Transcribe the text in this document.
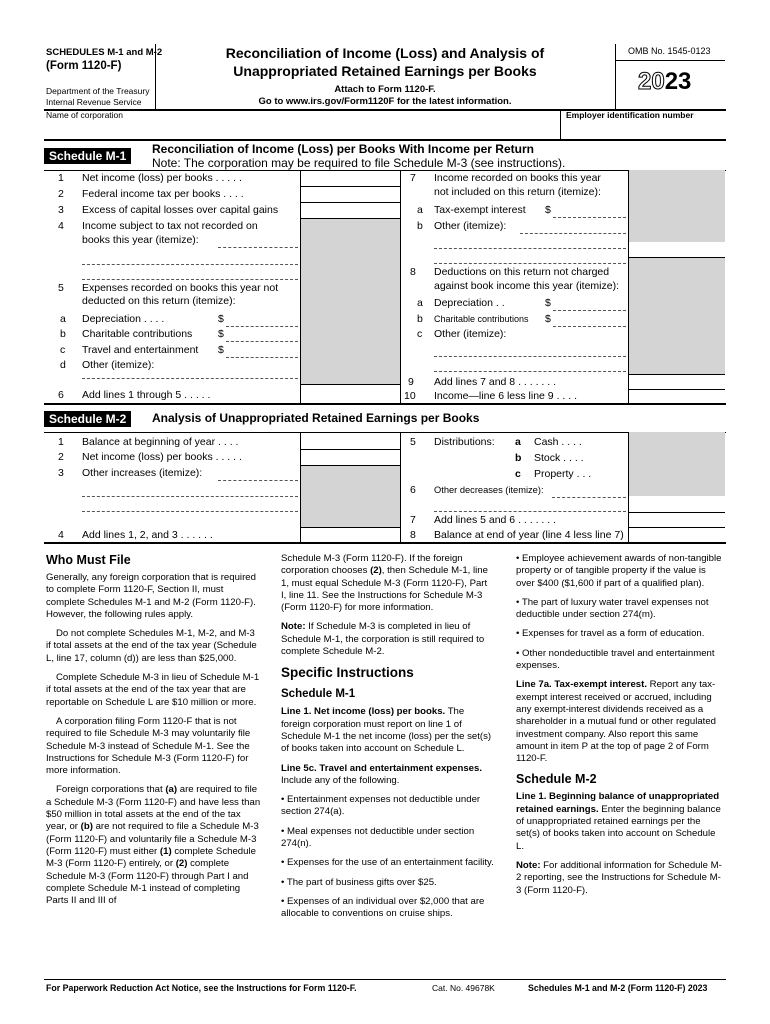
SCHEDULES M-1 and M-2
(Form 1120-F)
Department of the Treasury
Internal Revenue Service
Reconciliation of Income (Loss) and Analysis of
Unappropriated Retained Earnings per Books
Attach to Form 1120-F.
Go to www.irs.gov/Form1120F for the latest information.
OMB No. 1545-0123
2023
Name of corporation	Employer identification number
Schedule M-1	Reconciliation of Income (Loss) per Books With Income per Return
Note: The corporation may be required to file Schedule M-3 (see instructions).
1 Net income (loss) per books . . . . .
2 Federal income tax per books . . . .
3 Excess of capital losses over capital gains
4 Income subject to tax not recorded on
books this year (itemize):
5 Expenses recorded on books this year not
deducted on this return (itemize):
a Depreciation . . . .	$
b Charitable contributions $
c Travel and entertainment $
d Other (itemize):
6 Add lines 1 through 5 . . . . .
7 Income recorded on books this year
not included on this return (itemize):
a Tax-exempt interest $
b Other (itemize):
8 Deductions on this return not charged
against book income this year (itemize):
a Depreciation . .	$
b Charitable contributions $
c Other (itemize):
9 Add lines 7 and 8 . . . . . . .
10 Income—line 6 less line 9 . . . .
Schedule M-2	Analysis of Unappropriated Retained Earnings per Books
1 Balance at beginning of year . . . .
2 Net income (loss) per books . . . . .
3 Other increases (itemize):
4 Add lines 1, 2, and 3 . . . . . .
5 Distributions: a Cash . . . .
b Stock . . . .
c Property . . .
6 Other decreases (itemize):
7 Add lines 5 and 6 . . . . . . .
8 Balance at end of year (line 4 less line 7)
Who Must File

Generally, any foreign corporation that is required to complete Form 1120-F, Section II, must complete Schedules M-1 and M-2 (Form 1120-F). However, the following rules apply.

Do not complete Schedules M-1, M-2, and M-3 if total assets at the end of the tax year (Schedule L, line 17, column (d)) are less than $25,000.

Complete Schedule M-3 in lieu of Schedule M-1 if total assets at the end of the tax year that are reportable on Schedule L are $10 million or more.

A corporation filing Form 1120-F that is not required to file Schedule M-3 may voluntarily file Schedule M-3 instead of Schedule M-1. See the Instructions for Schedule M-3 (Form 1120-F) for more information.

Foreign corporations that (a) are required to file a Schedule M-3 (Form 1120-F) and have less than $50 million in total assets at the end of the tax year, or (b) are not required to file a Schedule M-3 (Form 1120-F) and voluntarily file a Schedule M-3 (Form 1120-F) must either (1) complete Schedule M-3 (Form 1120-F) entirely, or (2) complete Schedule M-3 (Form 1120-F) through Part I and complete Schedule M-1 instead of completing Parts II and III of

Schedule M-3 (Form 1120-F). If the foreign corporation chooses (2), then Schedule M-1, line 1, must equal Schedule M-3 (Form 1120-F), Part I, line 11. See the Instructions for Schedule M-3 (Form 1120-F) for more information.

Note: If Schedule M-3 is completed in lieu of Schedule M-1, the corporation is still required to complete Schedule M-2.

Specific Instructions
Schedule M-1

Line 1. Net income (loss) per books. The foreign corporation must report on line 1 of Schedule M-1 the net income (loss) per the set(s) of books taken into account on Schedule L.

Line 5c. Travel and entertainment expenses. Include any of the following.

• Entertainment expenses not deductible under section 274(a).

• Meal expenses not deductible under section 274(n).

• Expenses for the use of an entertainment facility.

• The part of business gifts over $25.

• Expenses of an individual over $2,000 that are allocable to conventions on cruise ships.

• Employee achievement awards of non-tangible property or of tangible property if the value is over $400 ($1,600 if part of a qualified plan).

• The part of luxury water travel expenses not deductible under section 274(m).

• Expenses for travel as a form of education.

• Other nondeductible travel and entertainment expenses.

Line 7a. Tax-exempt interest. Report any tax-exempt interest received or accrued, including any exempt-interest dividends received as a shareholder in a mutual fund or other regulated investment company. Also report this same amount in item P at the top of page 2 of Form 1120-F.

Schedule M-2

Line 1. Beginning balance of unappropriated retained earnings. Enter the beginning balance of unappropriated retained earnings per the set(s) of books taken into account on Schedule L.

Note: For additional information for Schedule M-2 reporting, see the Instructions for Schedule M-3 (Form 1120-F).

For Paperwork Reduction Act Notice, see the Instructions for Form 1120-F.	Cat. No. 49678K	Schedules M-1 and M-2 (Form 1120-F) 2023
